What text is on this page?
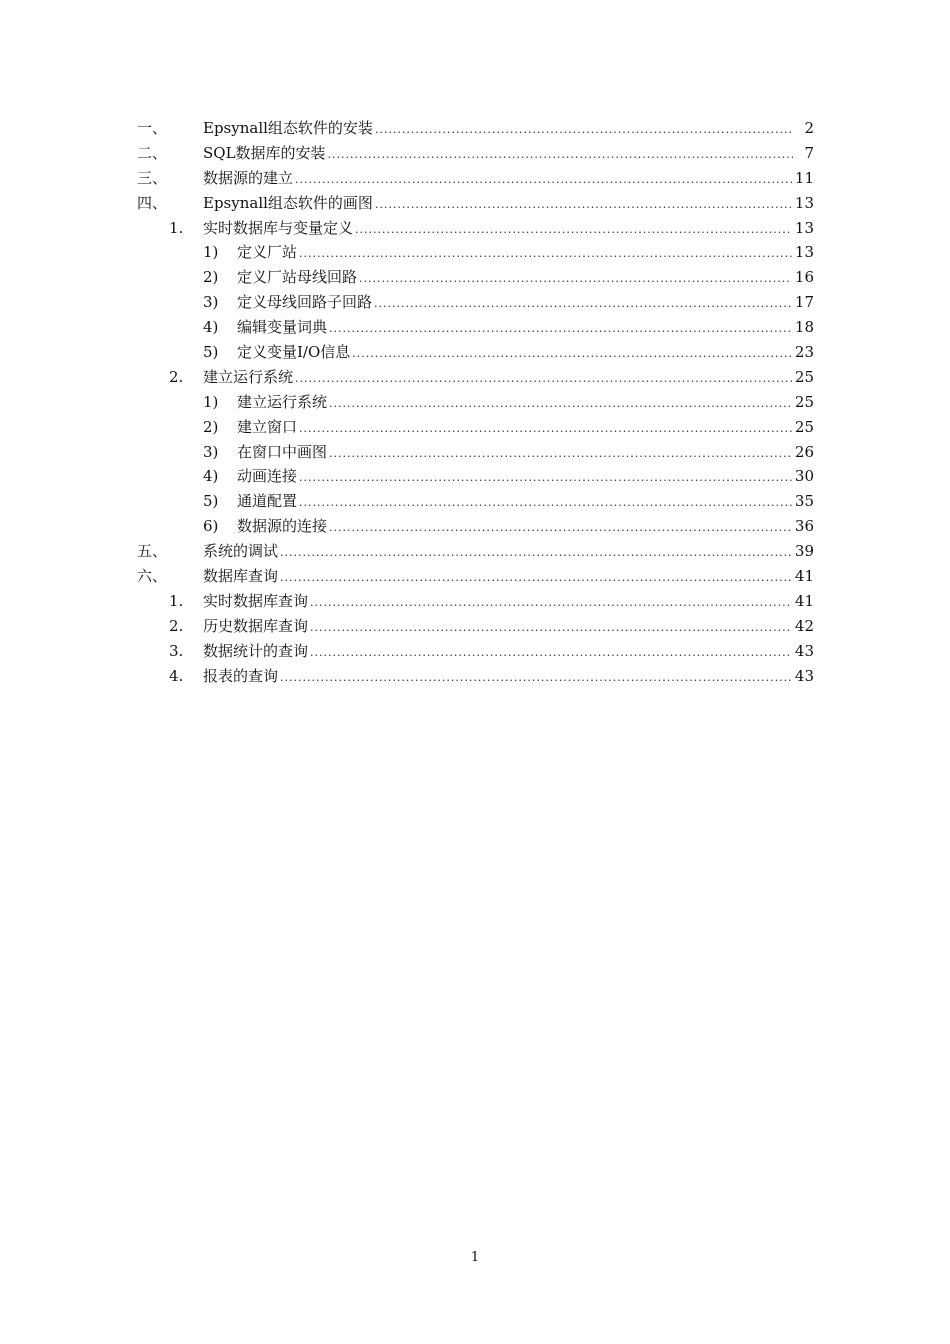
一、 Epsynall组态软件的安装 .....	2
二、 SQL数据库的安装 .....	7
三、 数据源的建立 .....	11
四、 Epsynall组态软件的画图 .....	13
1. 实时数据库与变量定义 .....	13
1) 定义厂站 .....	13
2) 定义厂站母线回路 .....	16
3) 定义母线回路子回路 .....	17
4) 编辑变量词典 .....	18
5) 定义变量I/O信息 .....	23
2. 建立运行系统 .....	25
1) 建立运行系统 .....	25
2) 建立窗口 .....	25
3) 在窗口中画图 .....	26
4) 动画连接 .....	30
5) 通道配置 .....	35
6) 数据源的连接 .....	36
五、 系统的调试 .....	39
六、 数据库查询 .....	41
1. 实时数据库查询 .....	41
2. 历史数据库查询 .....	42
3. 数据统计的查询 .....	43
4. 报表的查询 .....	43
1
